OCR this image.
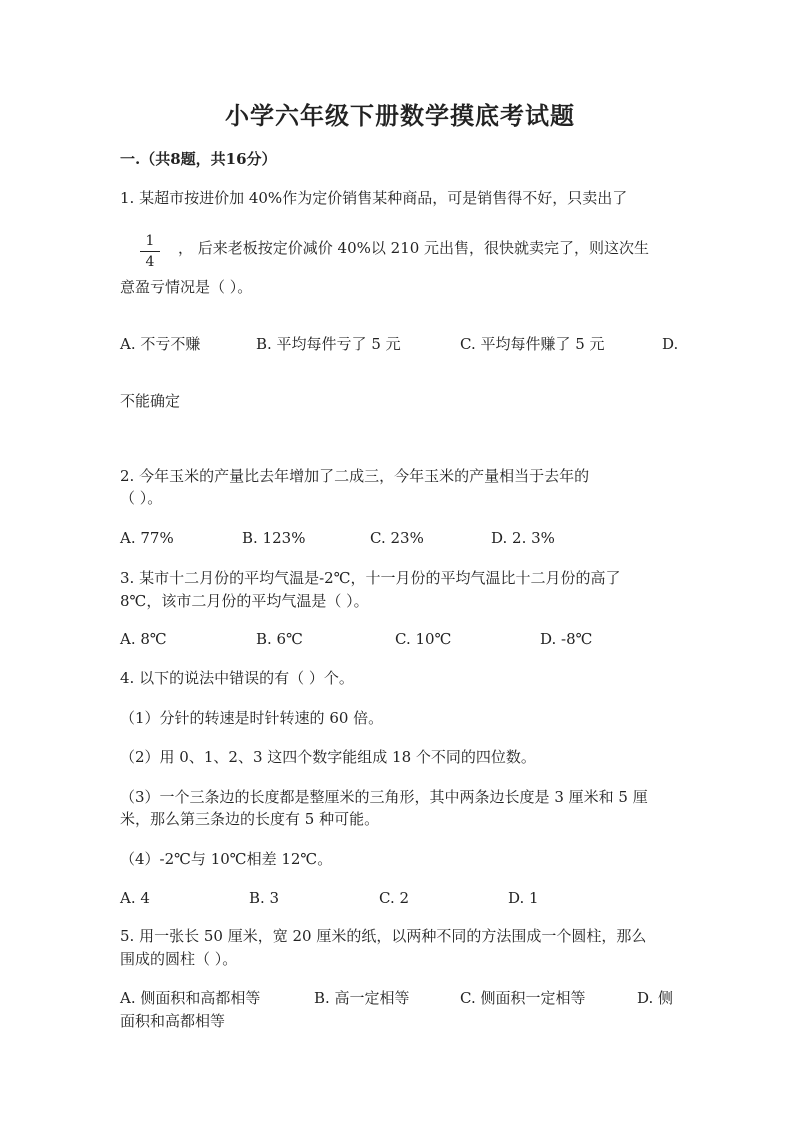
小学六年级下册数学摸底考试题
一.（共8题，共16分）
1. 某超市按进价加 40%作为定价销售某种商品，可是销售得不好，只卖出了
1
4
， 后来老板按定价减价 40%以 210 元出售，很快就卖完了，则这次生
意盈亏情况是（ ）。
A. 不亏不赚	B. 平均每件亏了 5 元	C. 平均每件赚了 5 元	D.
不能确定
2. 今年玉米的产量比去年增加了二成三，今年玉米的产量相当于去年的
（ ）。
A. 77%	B. 123%	C. 23%	D. 2. 3%
3. 某市十二月份的平均气温是-2℃，十一月份的平均气温比十二月份的高了
8℃，该市二月份的平均气温是（ ）。
A. 8℃	B. 6℃	C. 10℃	D. -8℃
4. 以下的说法中错误的有（ ）个。
（1）分针的转速是时针转速的 60 倍。
（2）用 0、1、2、3 这四个数字能组成 18 个不同的四位数。
（3）一个三条边的长度都是整厘米的三角形，其中两条边长度是 3 厘米和 5 厘
米，那么第三条边的长度有 5 种可能。
（4）-2℃与 10℃相差 12℃。
A. 4	B. 3	C. 2	D. 1
5. 用一张长 50 厘米，宽 20 厘米的纸，以两种不同的方法围成一个圆柱，那么
围成的圆柱（ ）。
A. 侧面积和高都相等	B. 高一定相等	C. 侧面积一定相等	D. 侧
面积和高都相等
